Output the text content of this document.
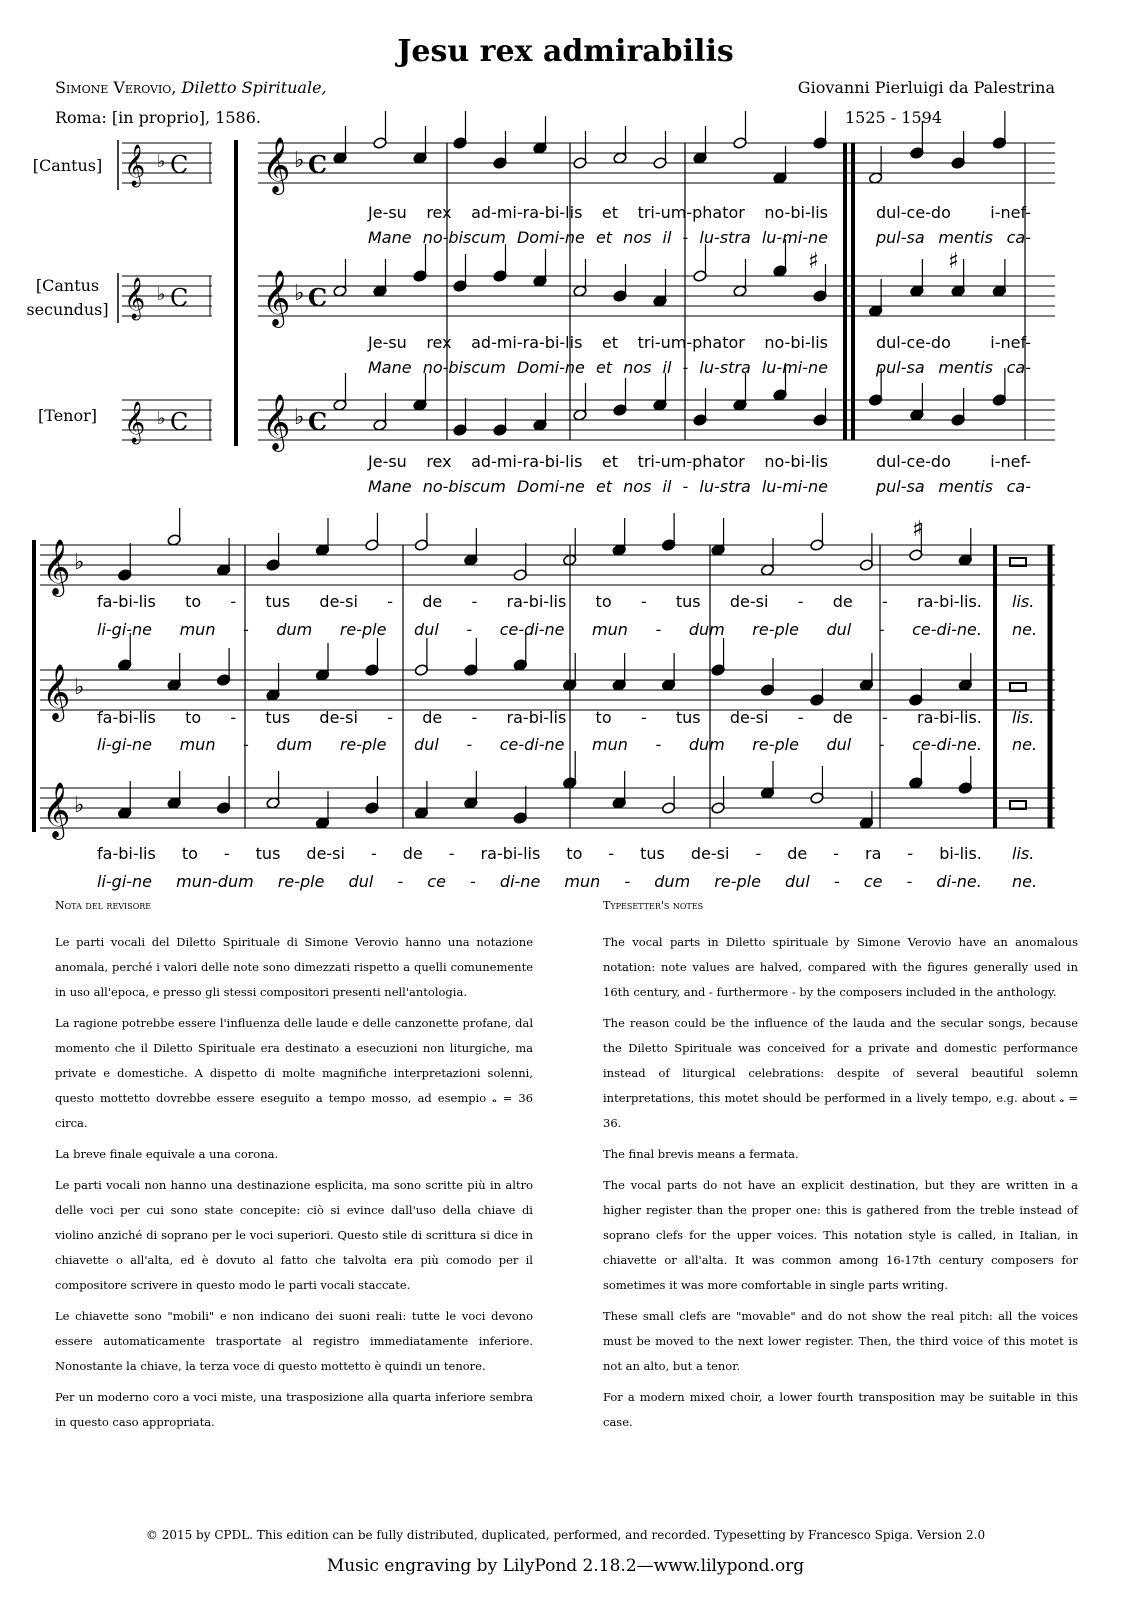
Jesu rex admirabilis
Simone Verovio, Diletto Spirituale,
Roma: [in proprio], 1586.
Giovanni Pierluigi da Palestrina
1525 - 1594
[Cantus]
[Cantus
secundus]
[Tenor]
𝄞 ♭ C
𝄞 ♭ C
𝄞 ♭ C
𝄞 ♭ C
𝄞 ♭ C
𝄞 ♭ C
♯	♯
𝄞 ♭
𝄞 ♭
𝄞 ♭
♯
Je-su rex ad-mi-ra-bi-lis et tri-um-phator no-bi-lis	dul-ce-do i-nef-
Mane no-biscum Domi-ne et nos il - lu-stra lu-mi-ne	pul-sa mentis ca-
Je-su rex ad-mi-ra-bi-lis et tri-um-phator no-bi-lis	dul-ce-do i-nef-
Mane no-biscum Domi-ne et nos il - lu-stra lu-mi-ne	pul-sa mentis ca-
Je-su rex ad-mi-ra-bi-lis et tri-um-phator no-bi-lis	dul-ce-do i-nef-
Mane no-biscum Domi-ne et nos il - lu-stra lu-mi-ne	pul-sa mentis ca-
fa-bi-lis to - tus de-si - de - ra-bi-lis to - tus de-si - de - ra-bi-lis.
li-gi-ne mun - dum re-ple dul - ce-di-ne mun - dum re-ple dul - ce-di-ne.
lis.
ne.
fa-bi-lis to - tus de-si - de - ra-bi-lis to - tus de-si - de - ra-bi-lis.
li-gi-ne mun - dum re-ple dul - ce-di-ne mun - dum re-ple dul - ce-di-ne.
lis.
ne.
fa-bi-lis to - tus de-si - de - ra-bi-lis to - tus de-si - de - ra - bi-lis.
li-gi-ne mun-dum re-ple dul - ce - di-ne mun - dum re-ple dul - ce - di-ne.
lis.
ne.

Nota del revisore

Le parti vocali del Diletto Spirituale di Simone Verovio hanno una notazione anomala, perché i valori delle note sono dimezzati rispetto a quelli comunemente in uso all'epoca, e presso gli stessi compositori presenti nell'antologia.

La ragione potrebbe essere l'influenza delle laude e delle canzonette profane, dal momento che il Diletto Spirituale era destinato a esecuzioni non liturgiche, ma private e domestiche. A dispetto di molte magnifiche interpretazioni solenni, questo mottetto dovrebbe essere eseguito a tempo mosso, ad esempio 𝅝 = 36 circa.

La breve finale equivale a una corona.

Le parti vocali non hanno una destinazione esplicita, ma sono scritte più in altro delle voci per cui sono state concepite: ciò si evince dall'uso della chiave di violino anziché di soprano per le voci superiori. Questo stile di scrittura si dice in chiavette o all'alta, ed è dovuto al fatto che talvolta era più comodo per il compositore scrivere in questo modo le parti vocali staccate.

Le chiavette sono "mobili" e non indicano dei suoni reali: tutte le voci devono essere automaticamente trasportate al registro immediatamente inferiore. Nonostante la chiave, la terza voce di questo mottetto è quindi un tenore.

Per un moderno coro a voci miste, una trasposizione alla quarta inferiore sembra in questo caso appropriata.

Typesetter's notes

The vocal parts in Diletto spirituale by Simone Verovio have an anomalous notation: note values are halved, compared with the figures generally used in 16th century, and - furthermore - by the composers included in the anthology.

The reason could be the influence of the lauda and the secular songs, because the Diletto Spirituale was conceived for a private and domestic performance instead of liturgical celebrations: despite of several beautiful solemn interpretations, this motet should be performed in a lively tempo, e.g. about 𝅝 = 36.

The final brevis means a fermata.

The vocal parts do not have an explicit destination, but they are written in a higher register than the proper one: this is gathered from the treble instead of soprano clefs for the upper voices. This notation style is called, in Italian, in chiavette or all'alta. It was common among 16-17th century composers for sometimes it was more comfortable in single parts writing.

These small clefs are "movable" and do not show the real pitch: all the voices must be moved to the next lower register. Then, the third voice of this motet is not an alto, but a tenor.

For a modern mixed choir, a lower fourth transposition may be suitable in this case.

© 2015 by CPDL. This edition can be fully distributed, duplicated, performed, and recorded. Typesetting by Francesco Spiga. Version 2.0
Music engraving by LilyPond 2.18.2—www.lilypond.org
